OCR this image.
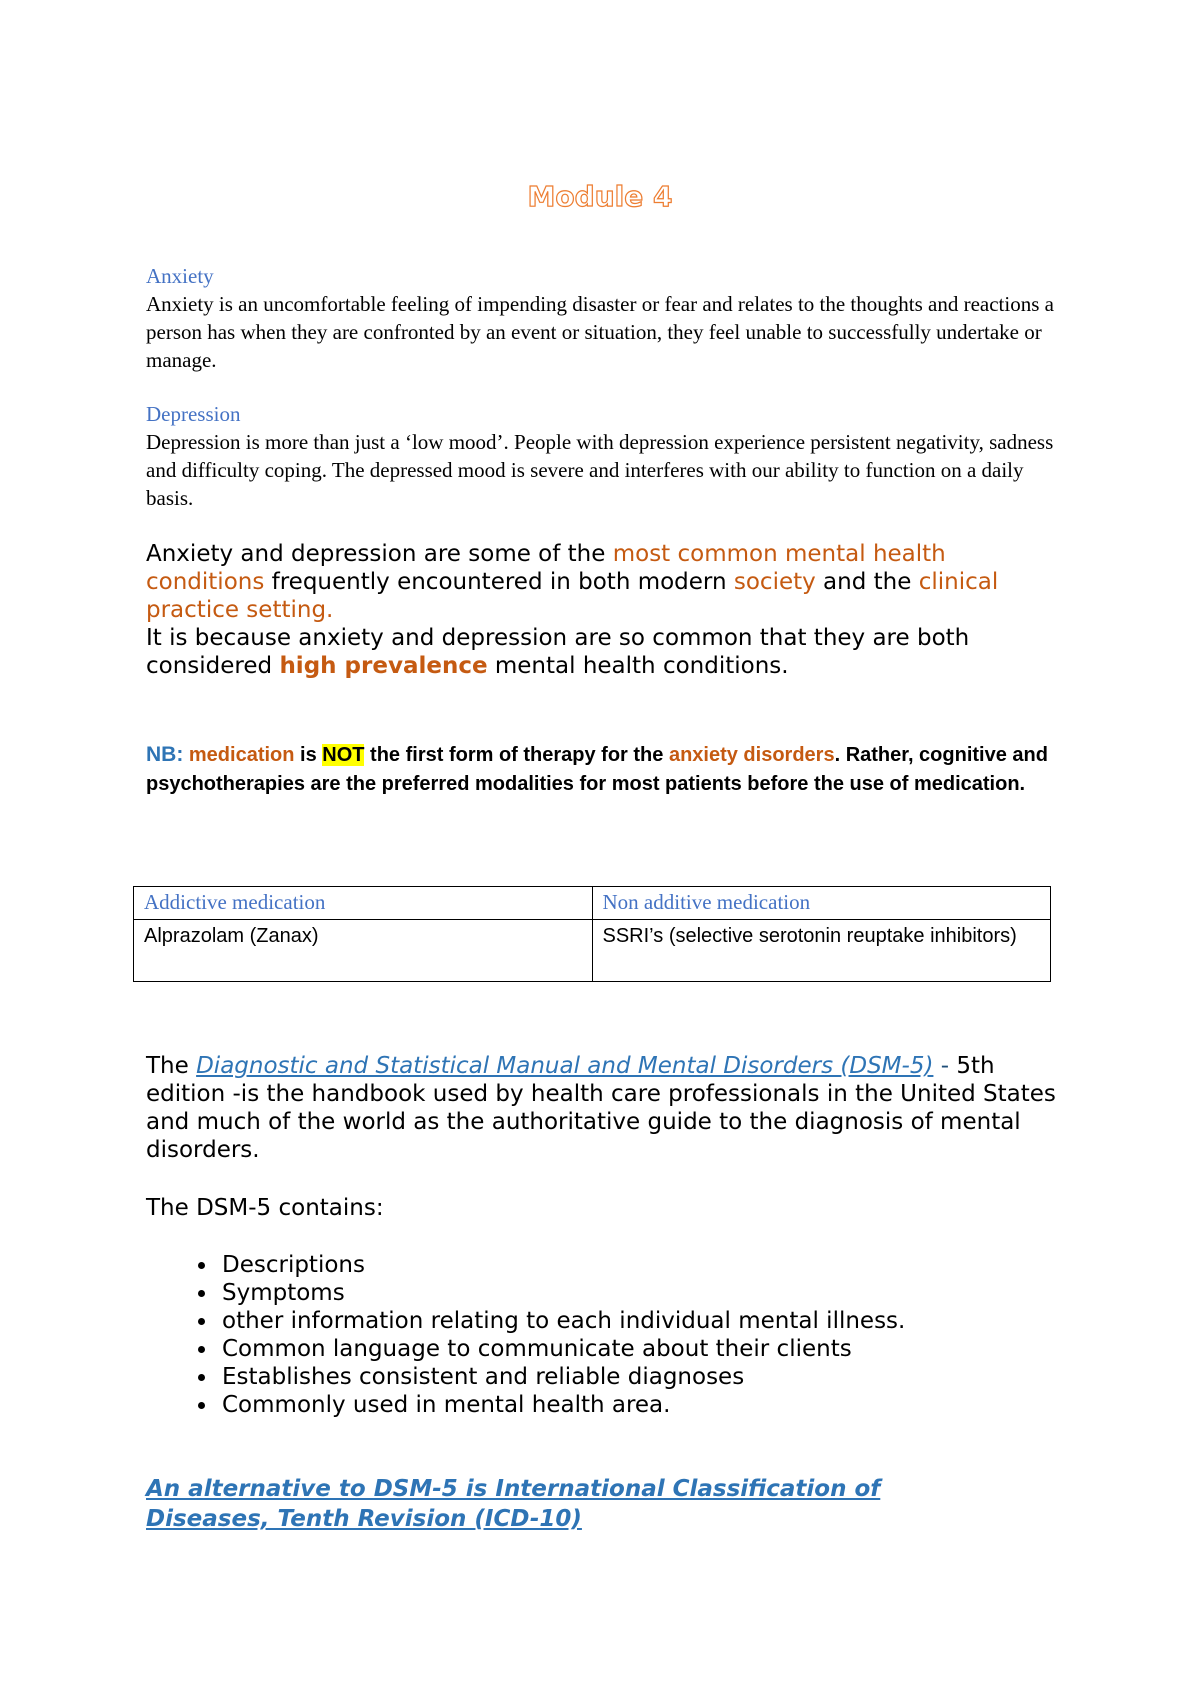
Module 4
Anxiety
Anxiety is an uncomfortable feeling of impending disaster or fear and relates to the thoughts and reactions a person has when they are confronted by an event or situation, they feel unable to successfully undertake or manage.
Depression
Depression is more than just a ‘low mood’. People with depression experience persistent negativity, sadness and difficulty coping. The depressed mood is severe and interferes with our ability to function on a daily basis.
Anxiety and depression are some of the most common mental health conditions frequently encountered in both modern society and the clinical practice setting.
It is because anxiety and depression are so common that they are both considered high prevalence mental health conditions.
NB: medication is NOT the first form of therapy for the anxiety disorders. Rather, cognitive and psychotherapies are the preferred modalities for most patients before the use of medication.
Addictive medication	Non additive medication
Alprazolam (Zanax)	SSRI’s (selective serotonin reuptake inhibitors)
The Diagnostic and Statistical Manual and Mental Disorders (DSM-5) - 5th edition -is the handbook used by health care professionals in the United States and much of the world as the authoritative guide to the diagnosis of mental disorders.
The DSM-5 contains:
• Descriptions
• Symptoms
• other information relating to each individual mental illness.
• Common language to communicate about their clients
• Establishes consistent and reliable diagnoses
• Commonly used in mental health area.
An alternative to DSM-5 is International Classification of Diseases, Tenth Revision (ICD-10)
